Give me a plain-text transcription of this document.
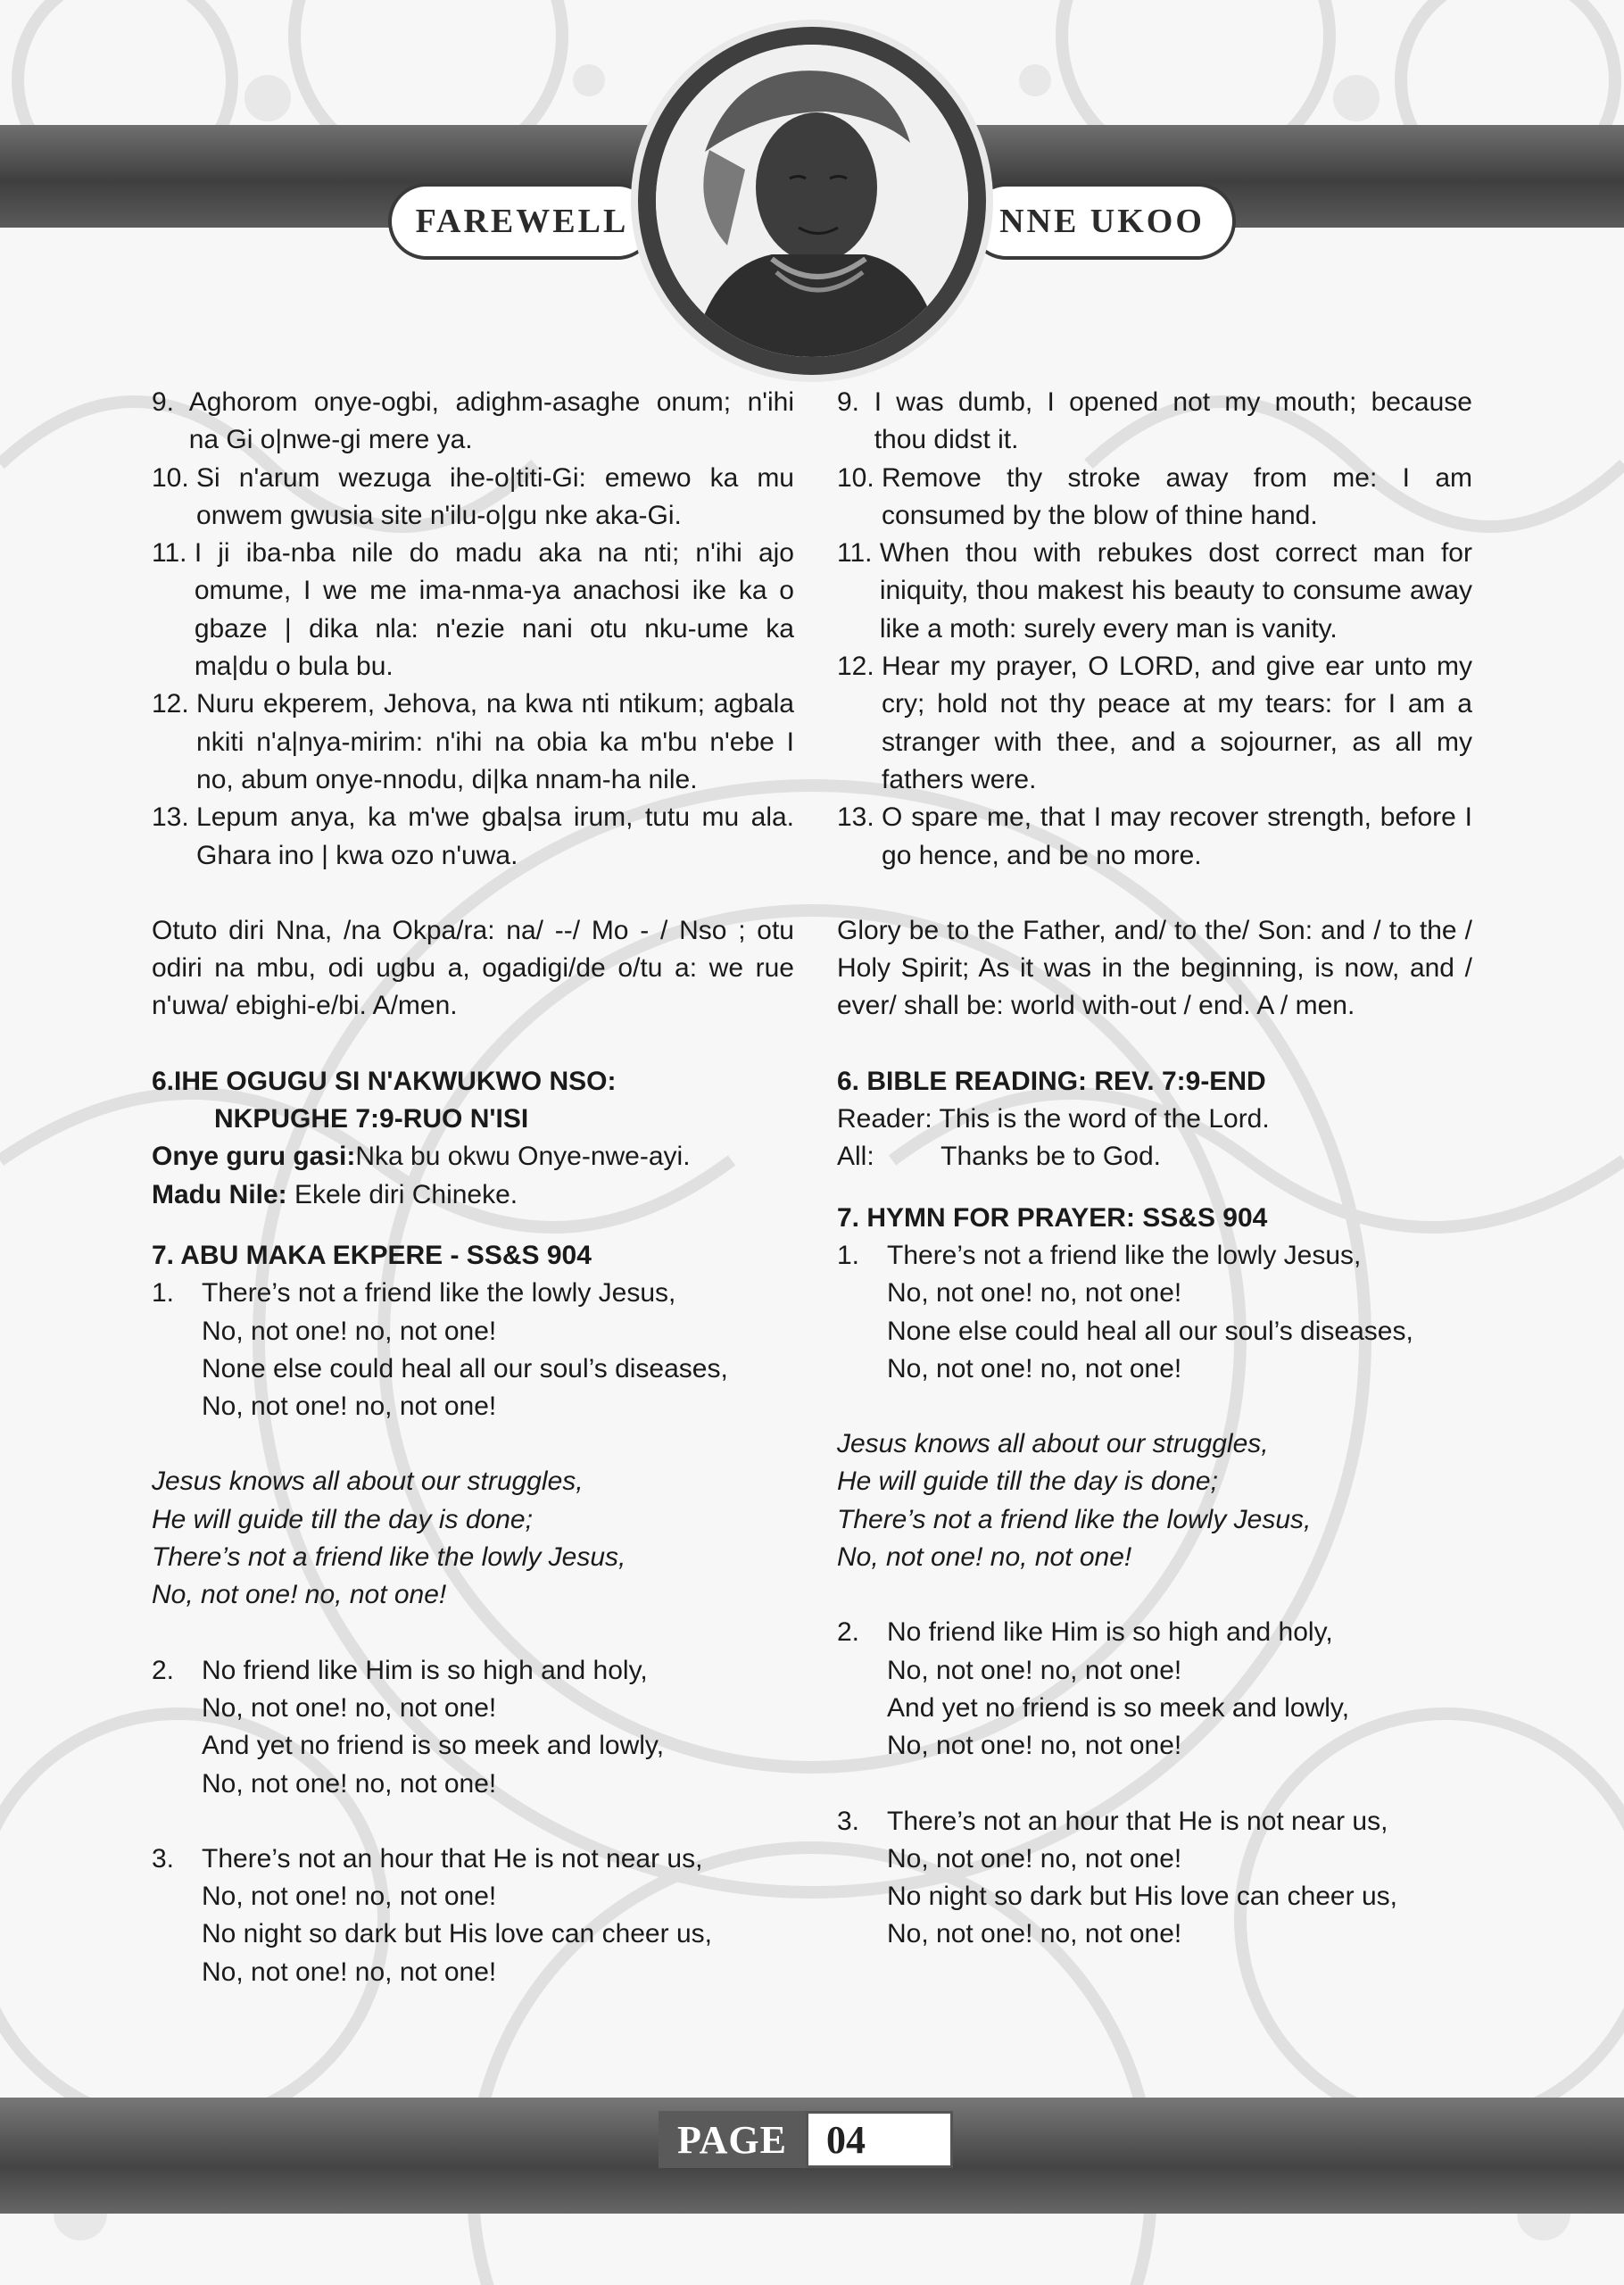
FAREWELL	NNE UKOO
9. Aghorom onye-ogbi, adighm-asaghe onum; n'ihi na Gi o|nwe-gi mere ya.
10. Si n'arum wezuga ihe-o|titi-Gi: emewo ka mu onwem gwusia site n'ilu-o|gu nke aka-Gi.
11. I ji iba-nba nile do madu aka na nti; n'ihi ajo omume, I we me ima-nma-ya anachosi ike ka o gbaze | dika nla: n'ezie nani otu nku-ume ka ma|du o bula bu.
12. Nuru ekperem, Jehova, na kwa nti ntikum; agbala nkiti n'a|nya-mirim: n'ihi na obia ka m'bu n'ebe I no, abum onye-nnodu, di|ka nnam-ha nile.
13. Lepum anya, ka m'we gba|sa irum, tutu mu ala. Ghara ino | kwa ozo n'uwa.

Otuto diri Nna, /na Okpa/ra: na/ --/ Mo - / Nso ; otu odiri na mbu, odi ugbu a, ogadigi/de o/tu a: we rue n'uwa/ ebighi-e/bi. A/men.

6.IHE OGUGU SI N'AKWUKWO NSO:
NKPUGHE 7:9-RUO N'ISI

Onye guru gasi:Nka bu okwu Onye-nwe-ayi.

Madu Nile: Ekele diri Chineke.

7. ABU MAKA EKPERE - SS&S 904

1.	There’s not a friend like the lowly Jesus,
No, not one! no, not one!
None else could heal all our soul’s diseases,
No, not one! no, not one!
Jesus knows all about our struggles,
He will guide till the day is done;
There’s not a friend like the lowly Jesus,
No, not one! no, not one!
2.	No friend like Him is so high and holy,
No, not one! no, not one!
And yet no friend is so meek and lowly,
No, not one! no, not one!
3.	There’s not an hour that He is not near us,
No, not one! no, not one!
No night so dark but His love can cheer us,
No, not one! no, not one!
9. I was dumb, I opened not my mouth; because thou didst it.
10. Remove thy stroke away from me: I am consumed by the blow of thine hand.
11. When thou with rebukes dost correct man for iniquity, thou makest his beauty to consume away like a moth: surely every man is vanity.
12. Hear my prayer, O LORD, and give ear unto my cry; hold not thy peace at my tears: for I am a stranger with thee, and a sojourner, as all my fathers were.
13. O spare me, that I may recover strength, before I go hence, and be no more.

Glory be to the Father, and/ to the/ Son: and / to the / Holy Spirit; As it was in the beginning, is now, and / ever/ shall be: world with-out / end. A / men.

6. BIBLE READING: REV. 7:9-END

Reader: This is the word of the Lord.

All:         Thanks be to God.

7. HYMN FOR PRAYER: SS&S 904

1.	There’s not a friend like the lowly Jesus,
No, not one! no, not one!
None else could heal all our soul’s diseases,
No, not one! no, not one!
Jesus knows all about our struggles,
He will guide till the day is done;
There’s not a friend like the lowly Jesus,
No, not one! no, not one!
2.	No friend like Him is so high and holy,
No, not one! no, not one!
And yet no friend is so meek and lowly,
No, not one! no, not one!
3.	There’s not an hour that He is not near us,
No, not one! no, not one!
No night so dark but His love can cheer us,
No, not one! no, not one!
PAGE	04
